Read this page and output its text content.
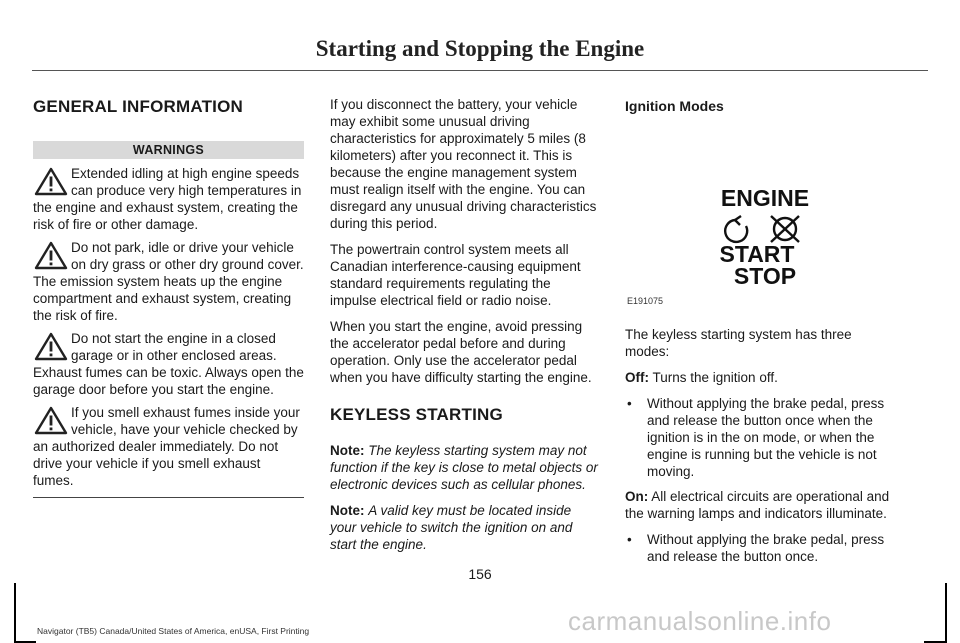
Starting and Stopping the Engine
GENERAL INFORMATION
WARNINGS

Extended idling at high engine speeds can produce very high temperatures in the engine and exhaust system, creating the risk of fire or other damage.

Do not park, idle or drive your vehicle on dry grass or other dry ground cover. The emission system heats up the engine compartment and exhaust system, creating the risk of fire.

Do not start the engine in a closed garage or in other enclosed areas. Exhaust fumes can be toxic. Always open the garage door before you start the engine.

If you smell exhaust fumes inside your vehicle, have your vehicle checked by an authorized dealer immediately. Do not drive your vehicle if you smell exhaust fumes.

If you disconnect the battery, your vehicle may exhibit some unusual driving characteristics for approximately 5 miles (8 kilometers) after you reconnect it. This is because the engine management system must realign itself with the engine. You can disregard any unusual driving characteristics during this period.

The powertrain control system meets all Canadian interference-causing equipment standard requirements regulating the impulse electrical field or radio noise.

When you start the engine, avoid pressing the accelerator pedal before and during operation. Only use the accelerator pedal when you have difficulty starting the engine.

KEYLESS STARTING

Note: The keyless starting system may not function if the key is close to metal objects or electronic devices such as cellular phones.

Note: A valid key must be located inside your vehicle to switch the ignition on and start the engine.

Ignition Modes
ENGINE
START
STOP
E191075

The keyless starting system has three modes:

Off: Turns the ignition off.

• Without applying the brake pedal, press and release the button once when the ignition is in the on mode, or when the engine is running but the vehicle is not moving.

On: All electrical circuits are operational and the warning lamps and indicators illuminate.

• Without applying the brake pedal, press and release the button once.
156
Navigator (TB5) Canada/United States of America, enUSA, First Printing	carmanualsonline.info
